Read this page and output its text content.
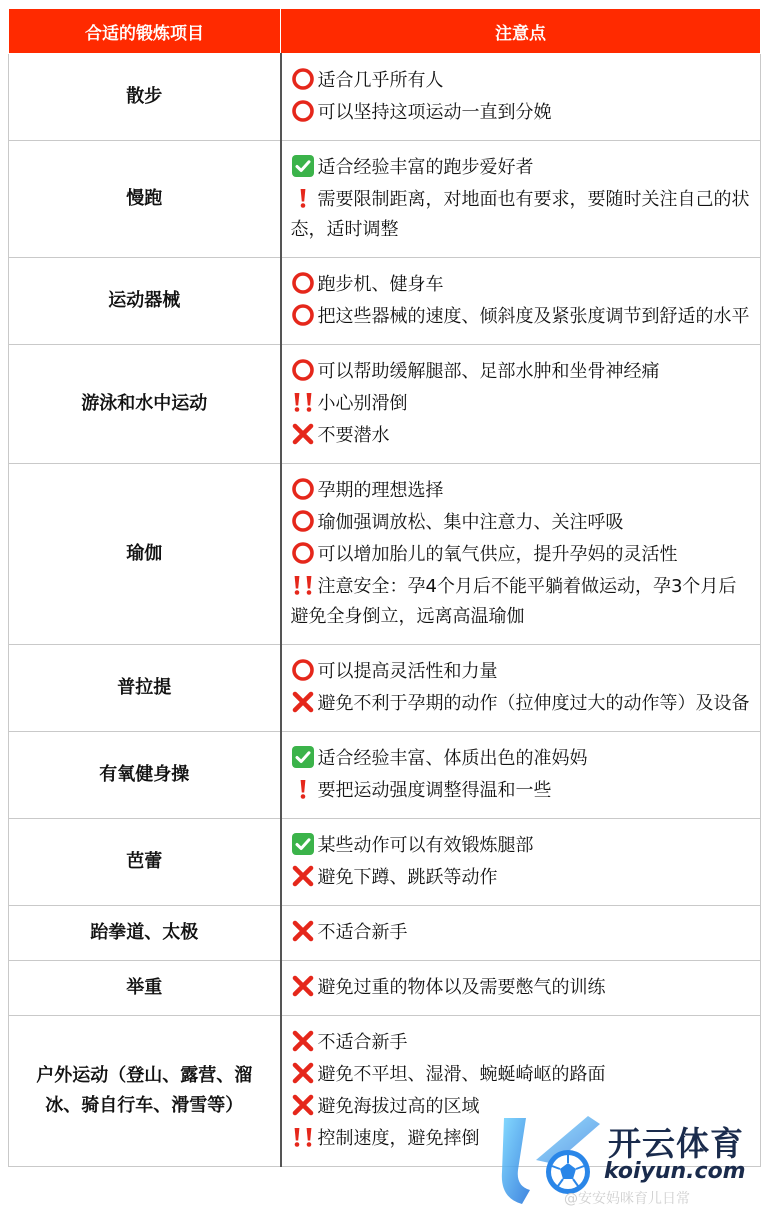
合适的锻炼项目	注意点
散步	适合几乎所有人
可以坚持这项运动一直到分娩

慢跑	适合经验丰富的跑步爱好者
需要限制距离，对地面也有要求，要随时关注自己的状态，适时调整

运动器械	跑步机、健身车
把这些器械的速度、倾斜度及紧张度调节到舒适的水平

游泳和水中运动	可以帮助缓解腿部、足部水肿和坐骨神经痛
小心别滑倒
不要潜水

瑜伽	孕期的理想选择
瑜伽强调放松、集中注意力、关注呼吸
可以增加胎儿的氧气供应，提升孕妈的灵活性
注意安全：孕4个月后不能平躺着做运动，孕3个月后避免全身倒立，远离高温瑜伽

普拉提	可以提高灵活性和力量
避免不利于孕期的动作（拉伸度过大的动作等）及设备

有氧健身操	适合经验丰富、体质出色的准妈妈
要把运动强度调整得温和一些

芭蕾	某些动作可以有效锻炼腿部
避免下蹲、跳跃等动作

跆拳道、太极	不适合新手

举重	避免过重的物体以及需要憋气的训练

户外运动（登山、露营、溜冰、骑自行车、滑雪等）	不适合新手
避免不平坦、湿滑、蜿蜒崎岖的路面
避免海拔过高的区域
控制速度，避免摔倒	开云体育
koiyun.com
@安安妈咪育儿日常
